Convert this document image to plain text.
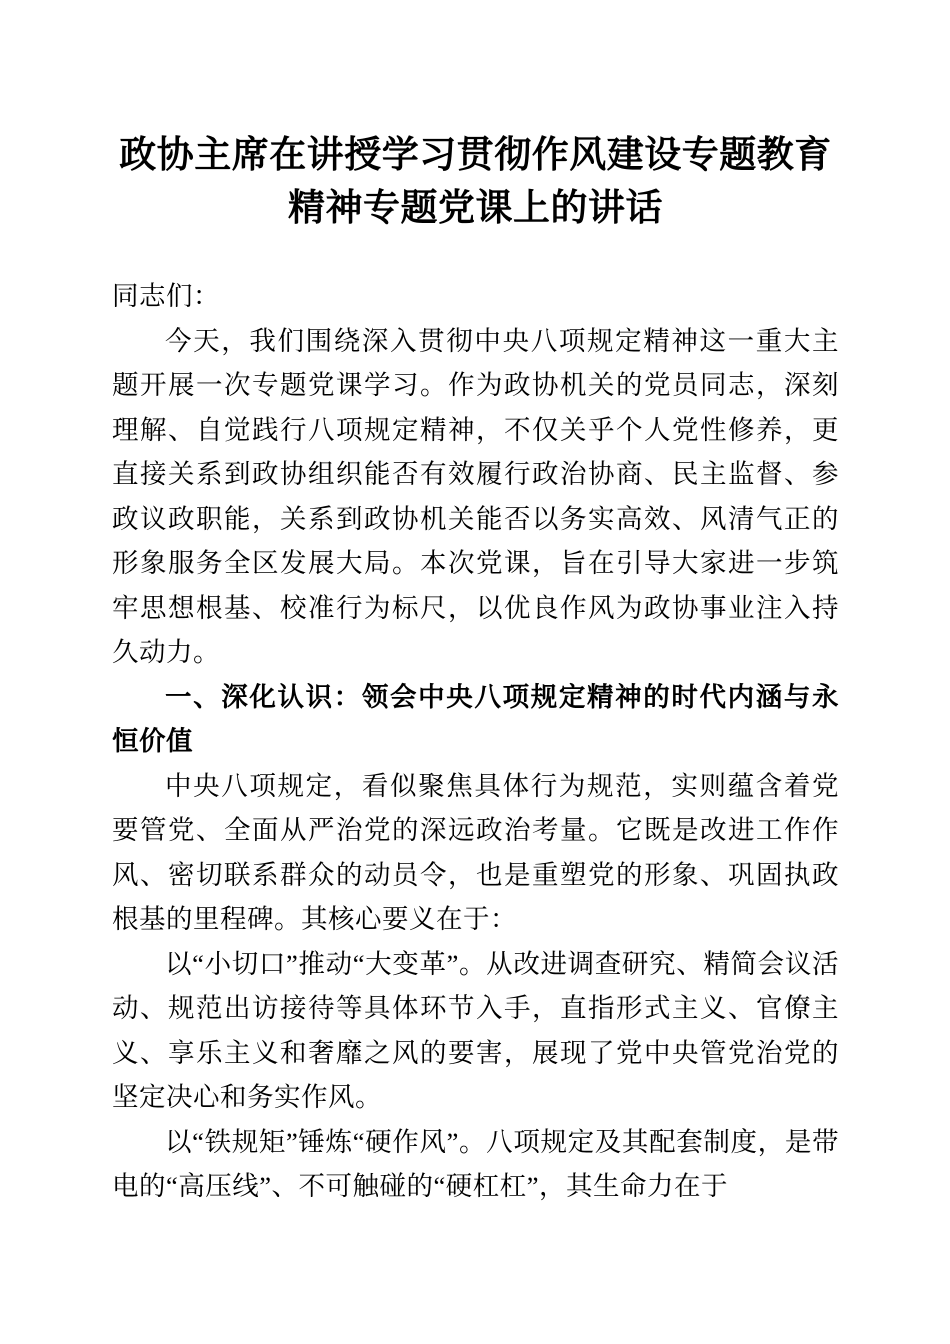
政协主席在讲授学习贯彻作风建设专题教育精神专题党课上的讲话

同志们：

今天，我们围绕深入贯彻中央八项规定精神这一重大主题开展一次专题党课学习。作为政协机关的党员同志，深刻理解、自觉践行八项规定精神，不仅关乎个人党性修养，更直接关系到政协组织能否有效履行政治协商、民主监督、参政议政职能，关系到政协机关能否以务实高效、风清气正的形象服务全区发展大局。本次党课，旨在引导大家进一步筑牢思想根基、校准行为标尺，以优良作风为政协事业注入持久动力。

一、深化认识：领会中央八项规定精神的时代内涵与永恒价值

中央八项规定，看似聚焦具体行为规范，实则蕴含着党要管党、全面从严治党的深远政治考量。它既是改进工作作风、密切联系群众的动员令，也是重塑党的形象、巩固执政根基的里程碑。其核心要义在于：

以“小切口”推动“大变革”。从改进调查研究、精简会议活动、规范出访接待等具体环节入手，直指形式主义、官僚主义、享乐主义和奢靡之风的要害，展现了党中央管党治党的坚定决心和务实作风。

以“铁规矩”锤炼“硬作风”。八项规定及其配套制度，是带电的“高压线”、不可触碰的“硬杠杠”，其生命力在于
